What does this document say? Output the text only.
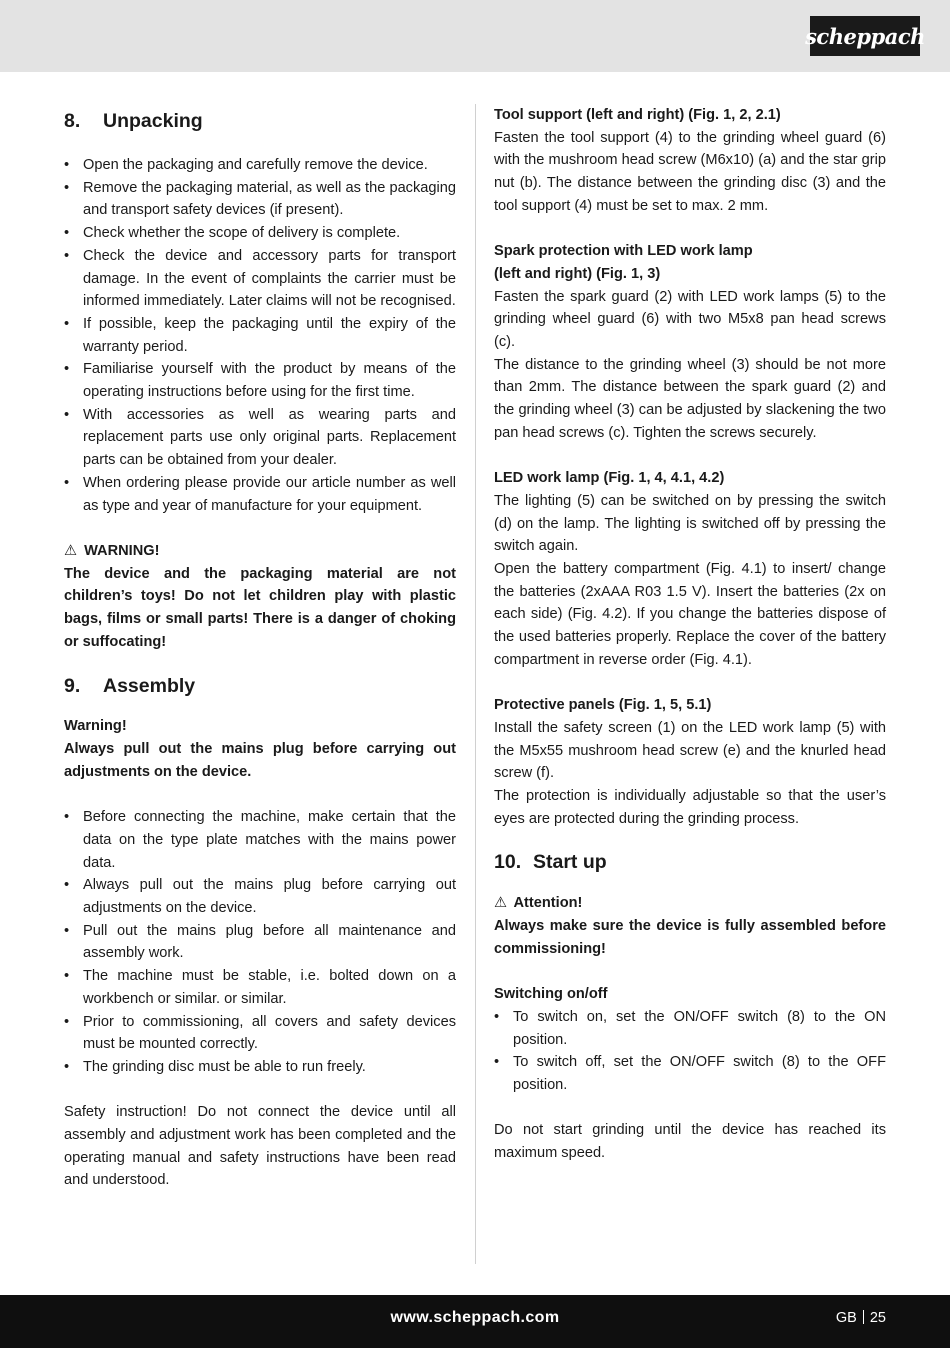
scheppach
8. Unpacking
• Open the packaging and carefully remove the device.
• Remove the packaging material, as well as the packaging and transport safety devices (if present).
• Check whether the scope of delivery is complete.
• Check the device and accessory parts for transport damage. In the event of complaints the carrier must be informed immediately. Later claims will not be recognised.
• If possible, keep the packaging until the expiry of the warranty period.
• Familiarise yourself with the product by means of the operating instructions before using for the first time.
• With accessories as well as wearing parts and replacement parts use only original parts. Replacement parts can be obtained from your dealer.
• When ordering please provide our article number as well as type and year of manufacture for your equipment.

⚠ WARNING!

The device and the packaging material are not children’s toys! Do not let children play with plastic bags, films or small parts! There is a danger of choking or suffocating!

9. Assembly

Warning!

Always pull out the mains plug before carrying out adjustments on the device.

• Before connecting the machine, make certain that the data on the type plate matches with the mains power data.
• Always pull out the mains plug before carrying out adjustments on the device.
• Pull out the mains plug before all maintenance and assembly work.
• The machine must be stable, i.e. bolted down on a workbench or similar. or similar.
• Prior to commissioning, all covers and safety devices must be mounted correctly.
• The grinding disc must be able to run freely.

Safety instruction! Do not connect the device until all assembly and adjustment work has been completed and the operating manual and safety instructions have been read and understood.

Tool support (left and right) (Fig. 1, 2, 2.1)

Fasten the tool support (4) to the grinding wheel guard (6) with the mushroom head screw (M6x10) (a) and the star grip nut (b). The distance between the grinding disc (3) and the tool support (4) must be set to max. 2 mm.

Spark protection with LED work lamp

(left and right) (Fig. 1, 3)

Fasten the spark guard (2) with LED work lamps (5) to the grinding wheel guard (6) with two M5x8 pan head screws (c).

The distance to the grinding wheel (3) should be not more than 2mm. The distance between the spark guard (2) and the grinding wheel (3) can be adjusted by slackening the two pan head screws (c). Tighten the screws securely.

LED work lamp (Fig. 1, 4, 4.1, 4.2)

The lighting (5) can be switched on by pressing the switch (d) on the lamp. The lighting is switched off by pressing the switch again.

Open the battery compartment (Fig. 4.1) to insert/ change the batteries (2xAAA R03 1.5 V). Insert the batteries (2x on each side) (Fig. 4.2). If you change the batteries dispose of the used batteries properly. Replace the cover of the battery compartment in reverse order (Fig. 4.1).

Protective panels (Fig. 1, 5, 5.1)

Install the safety screen (1) on the LED work lamp (5) with the M5x55 mushroom head screw (e) and the knurled head screw (f).

The protection is individually adjustable so that the user’s eyes are protected during the grinding process.

10. Start up

⚠ Attention!

Always make sure the device is fully assembled before commissioning!

Switching on/off

• To switch on, set the ON/OFF switch (8) to the ON position.
• To switch off, set the ON/OFF switch (8) to the OFF position.

Do not start grinding until the device has reached its maximum speed.

www.scheppach.com	GB 25
